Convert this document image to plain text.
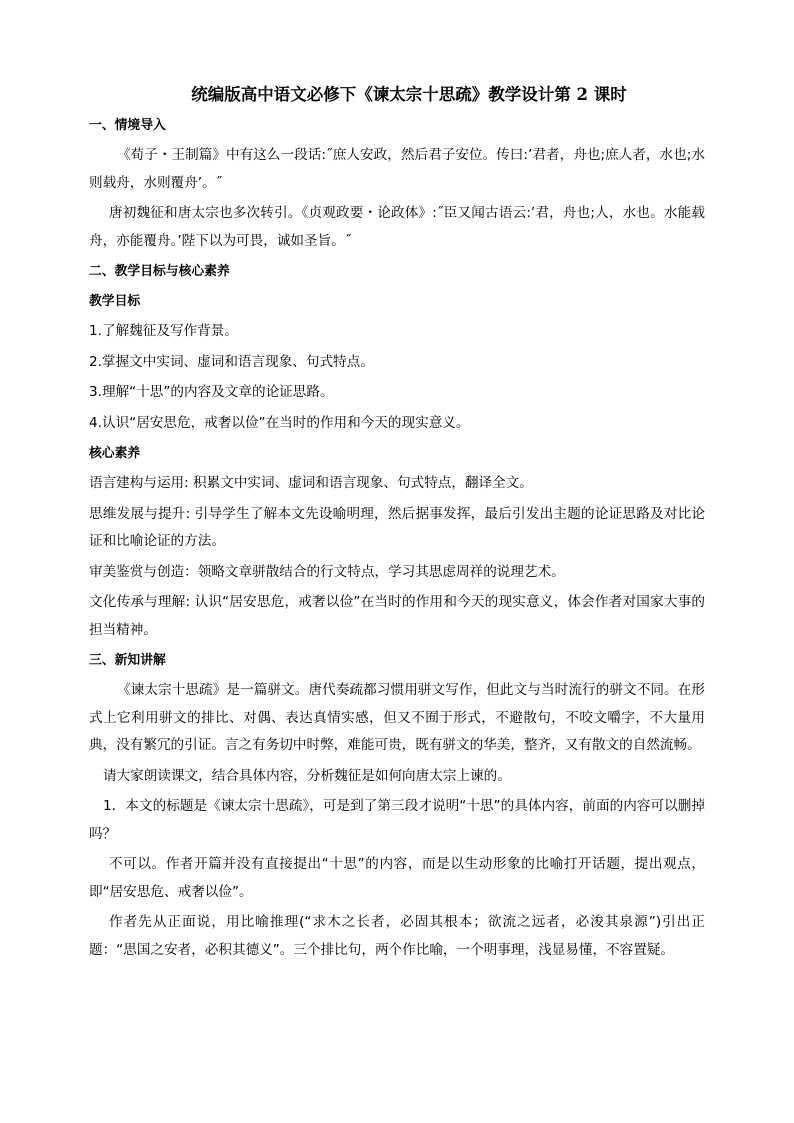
统编版高中语文必修下《谏太宗十思疏》教学设计第 2 课时
一、情境导入
《荀子・王制篇》中有这么一段话:˝庶人安政，然后君子安位。传曰:’君者，舟也;庶人者，水也;水则载舟，水则覆舟’。˝
唐初魏征和唐太宗也多次转引。《贞观政要・论政体》:˝臣又闻古语云:’君，舟也;人，水也。水能载舟，亦能覆舟。’陛下以为可畏，诚如圣旨。˝
二、教学目标与核心素养
教学目标
1.了解魏征及写作背景。
2.掌握文中实词、虚词和语言现象、句式特点。
3.理解“十思”的内容及文章的论证思路。
4.认识“居安思危，戒奢以俭”在当时的作用和今天的现实意义。
核心素养
语言建构与运用: 积累文中实词、虚词和语言现象、句式特点，翻译全文。
思维发展与提升: 引导学生了解本文先设喻明理，然后据事发挥，最后引发出主题的论证思路及对比论证和比喻论证的方法。
审美鉴赏与创造：领略文章骈散结合的行文特点，学习其思虑周祥的说理艺术。
文化传承与理解: 认识“居安思危，戒奢以俭”在当时的作用和今天的现实意义，体会作者对国家大事的担当精神。
三、新知讲解
《谏太宗十思疏》是一篇骈文。唐代奏疏都习惯用骈文写作，但此文与当时流行的骈文不同。在形式上它利用骈文的排比、对偶、表达真情实感，但又不囿于形式，不避散句，不咬文嚼字，不大量用典，没有繁冗的引证。言之有务切中时弊，难能可贵，既有骈文的华美，整齐，又有散文的自然流畅。
请大家朗读课文，结合具体内容，分析魏征是如何向唐太宗上谏的。
1．本文的标题是《谏太宗十思疏》，可是到了第三段才说明“十思”的具体内容，前面的内容可以删掉吗？
不可以。作者开篇并没有直接提出“十思”的内容，而是以生动形象的比喻打开话题，提出观点，即“居安思危、戒奢以俭”。
作者先从正面说，用比喻推理(“求木之长者，必固其根本；欲流之远者，必浚其泉源”)引出正题：“思国之安者，必积其德义”。三个排比句，两个作比喻，一个明事理，浅显易懂，不容置疑。
